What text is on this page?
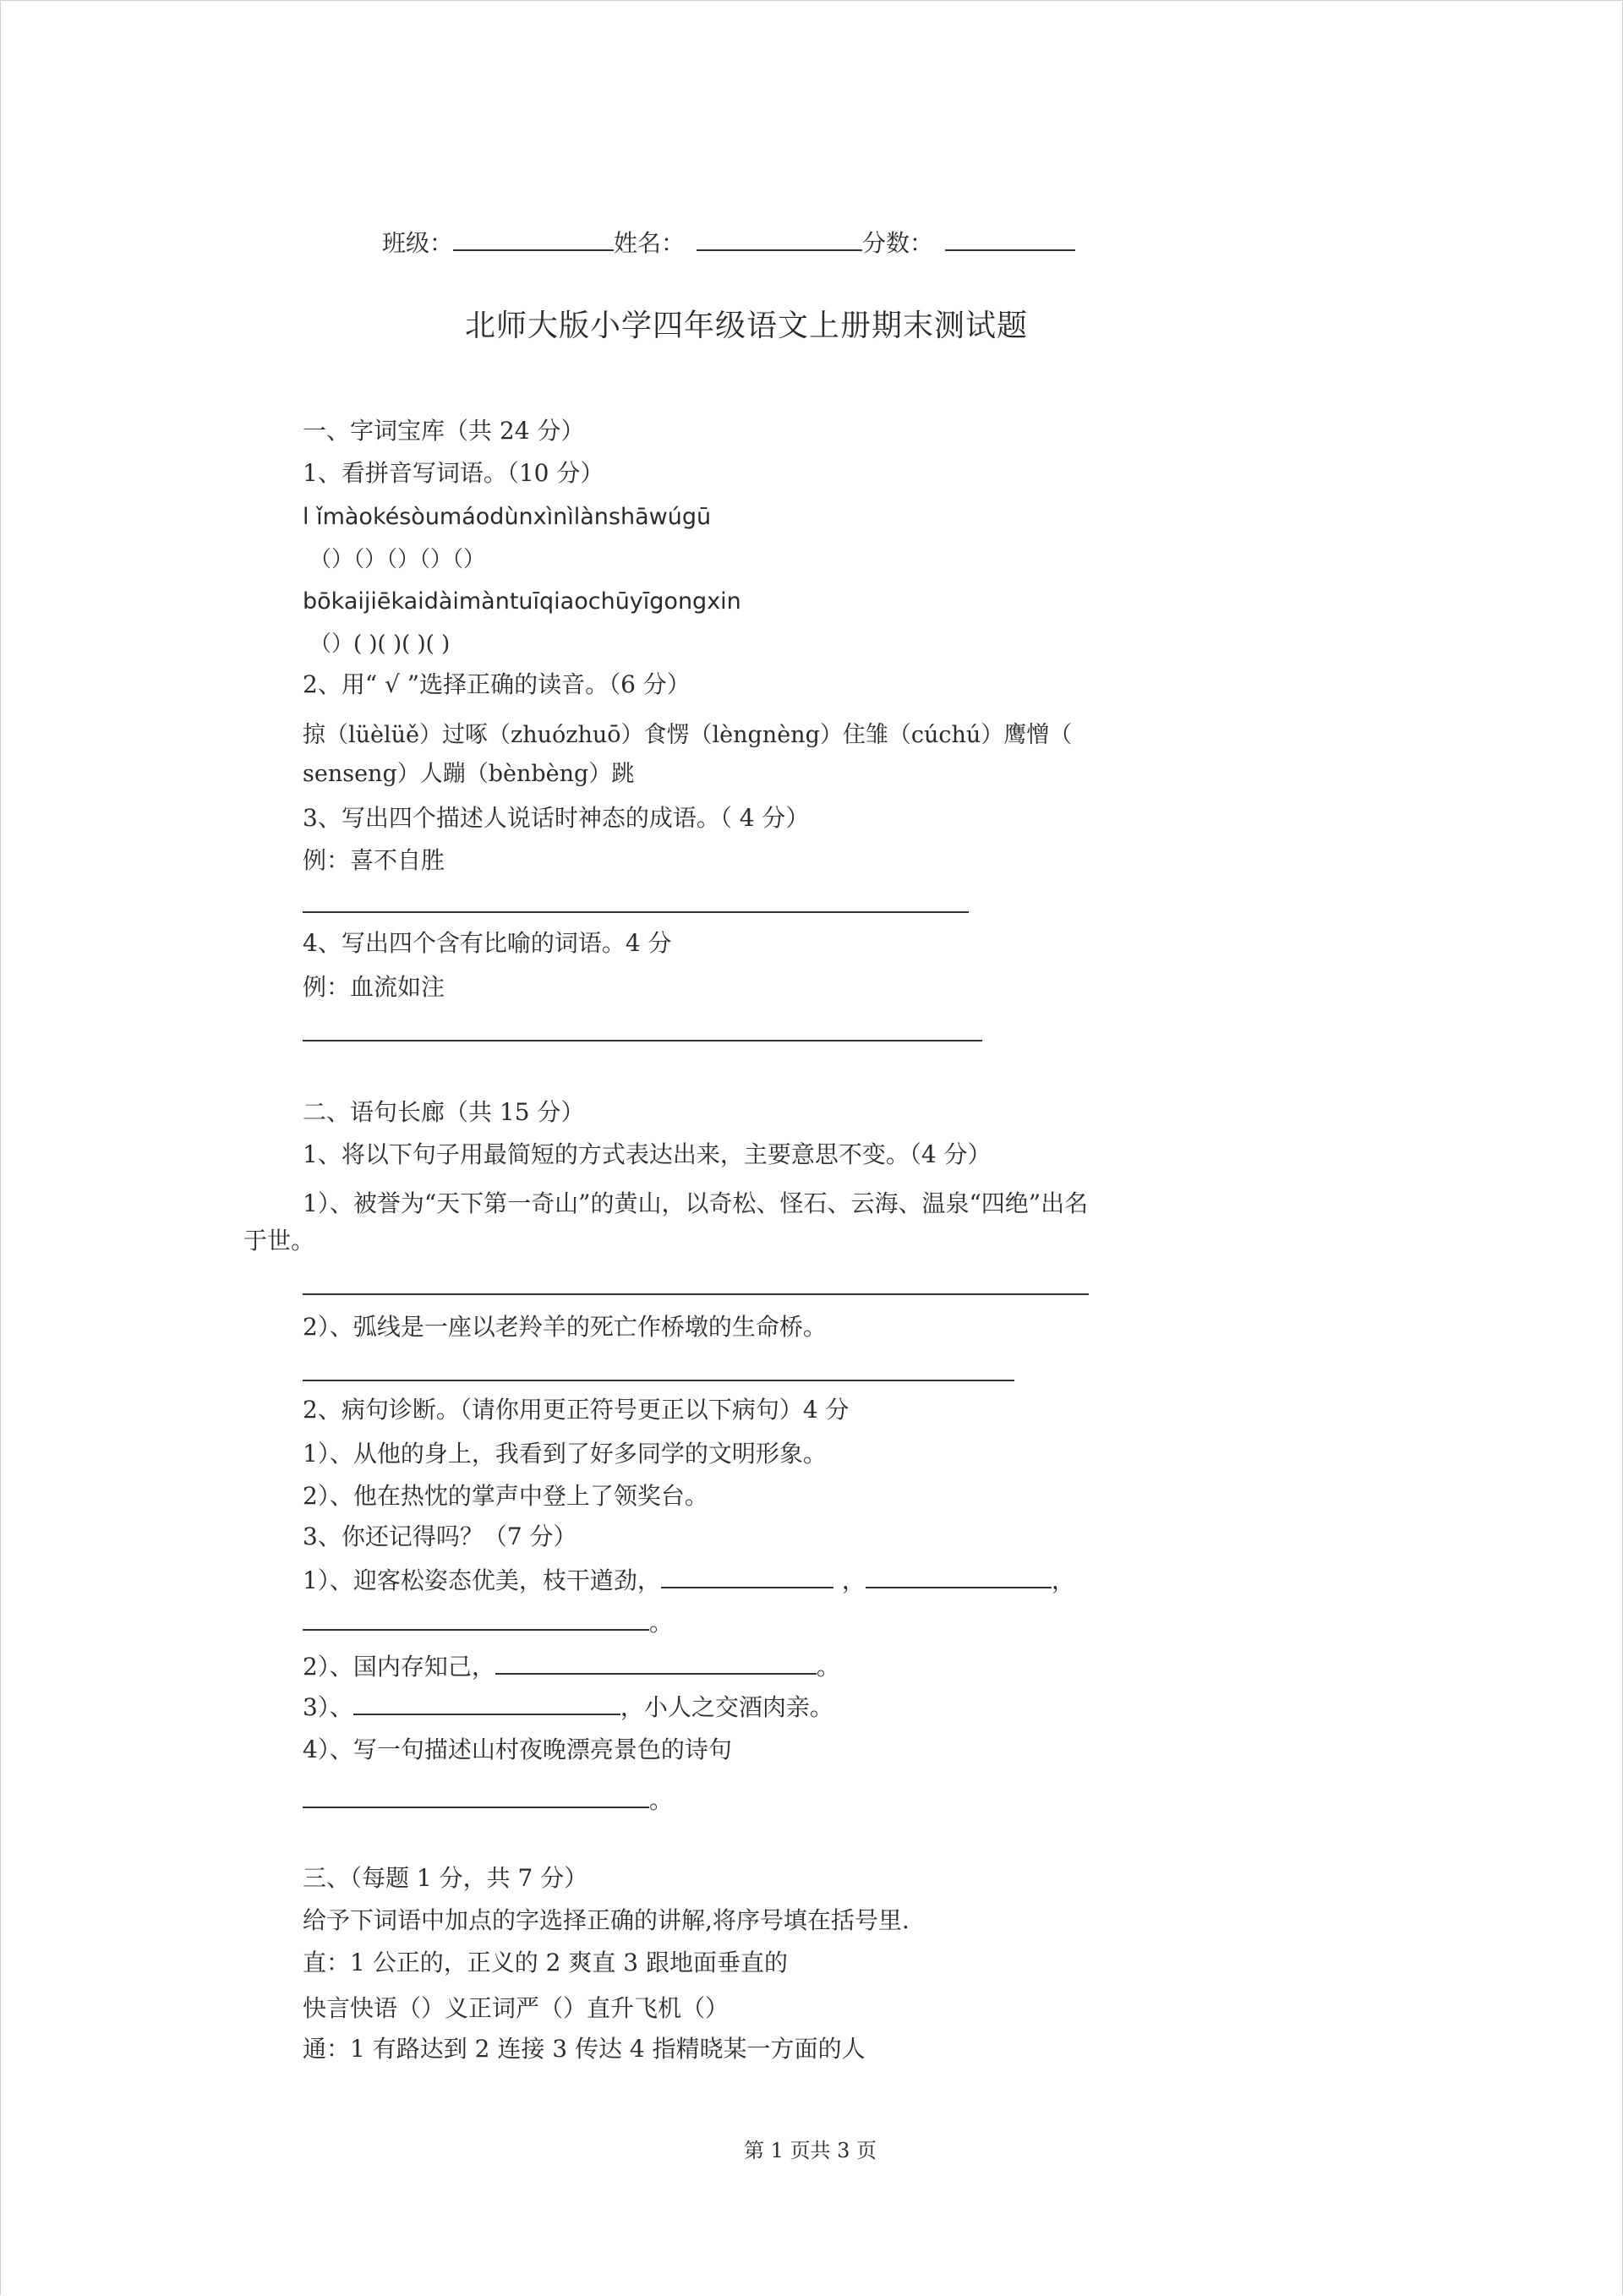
班级：	姓名：	分数：
北师大版小学四年级语文上册期末测试题
一、字词宝库（共 24 分）
1、看拼音写词语。（10 分）
l ǐmàokésòumáodùnxìnìlànshāwúgū
（）（）（）（）（）
bōkaijiēkaidàimàntuīqiaochūyīgongxin
（）( )( )( )( )
2、用“ √ ”选择正确的读音。（6 分）
掠（lüèlüě）过啄（zhuózhuō）食愣（lèngnèng）住雏（cúchú）鹰憎（
senseng）人蹦（bènbèng）跳
3、写出四个描述人说话时神态的成语。（ 4 分）
例：喜不自胜
4、写出四个含有比喻的词语。4 分
例：血流如注
二、语句长廊（共 15 分）
1、将以下句子用最简短的方式表达出来，主要意思不变。（4 分）
1）、被誉为“天下第一奇山”的黄山，以奇松、怪石、云海、温泉“四绝”出名
于世。
2）、弧线是一座以老羚羊的死亡作桥墩的生命桥。
2、病句诊断。（请你用更正符号更正以下病句）4 分
1）、从他的身上，我看到了好多同学的文明形象。
2）、他在热忱的掌声中登上了领奖台。
3、你还记得吗？（7 分）
1）、迎客松姿态优美，枝干遒劲，	，	，
。
2）、国内存知己，	。
3）、	，小人之交酒肉亲。
4）、写一句描述山村夜晚漂亮景色的诗句
。
三、（每题 1 分，共 7 分）
给予下词语中加点的字选择正确的讲解,将序号填在括号里.
直：1 公正的，正义的 2 爽直 3 跟地面垂直的
快言快语（）义正词严（）直升飞机（）
通：1 有路达到 2 连接 3 传达 4 指精晓某一方面的人
第 1 页共 3 页
